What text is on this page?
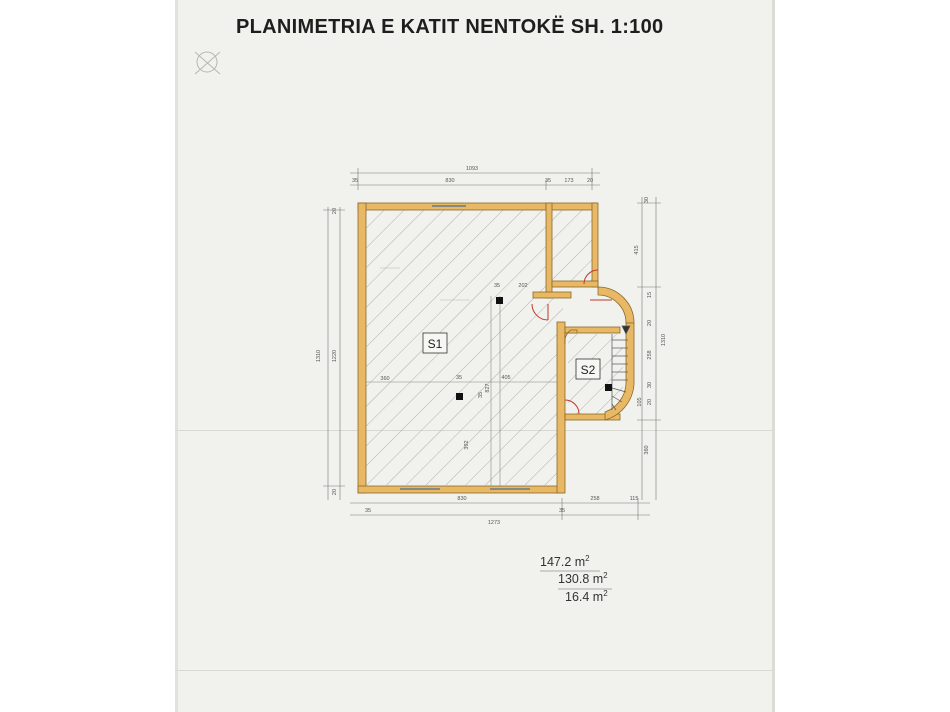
PLANIMETRIA E KATIT NENTOKË SH. 1:100
S1
S2
1093
35	830	35 173 20
35
830	258	115
35
1273
1310 1220
20
20
1310
30
415
15
20
258
30
20
105
360
35	202
360	35	405
35
392
827
147.2 $m^2$
130.8 $m^2$
16.4 $m^2$
